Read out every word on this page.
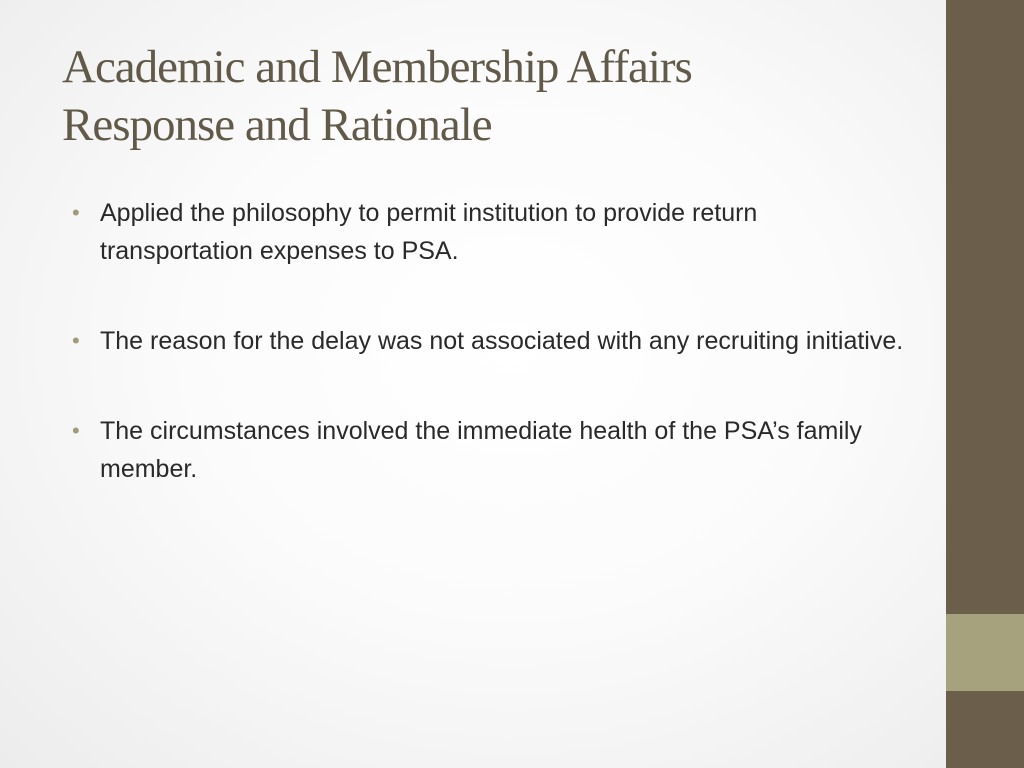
Academic and Membership Affairs
Response and Rationale
• Applied the philosophy to permit institution to provide return transportation expenses to PSA.
• The reason for the delay was not associated with any recruiting initiative.
• The circumstances involved the immediate health of the PSA’s family member.
